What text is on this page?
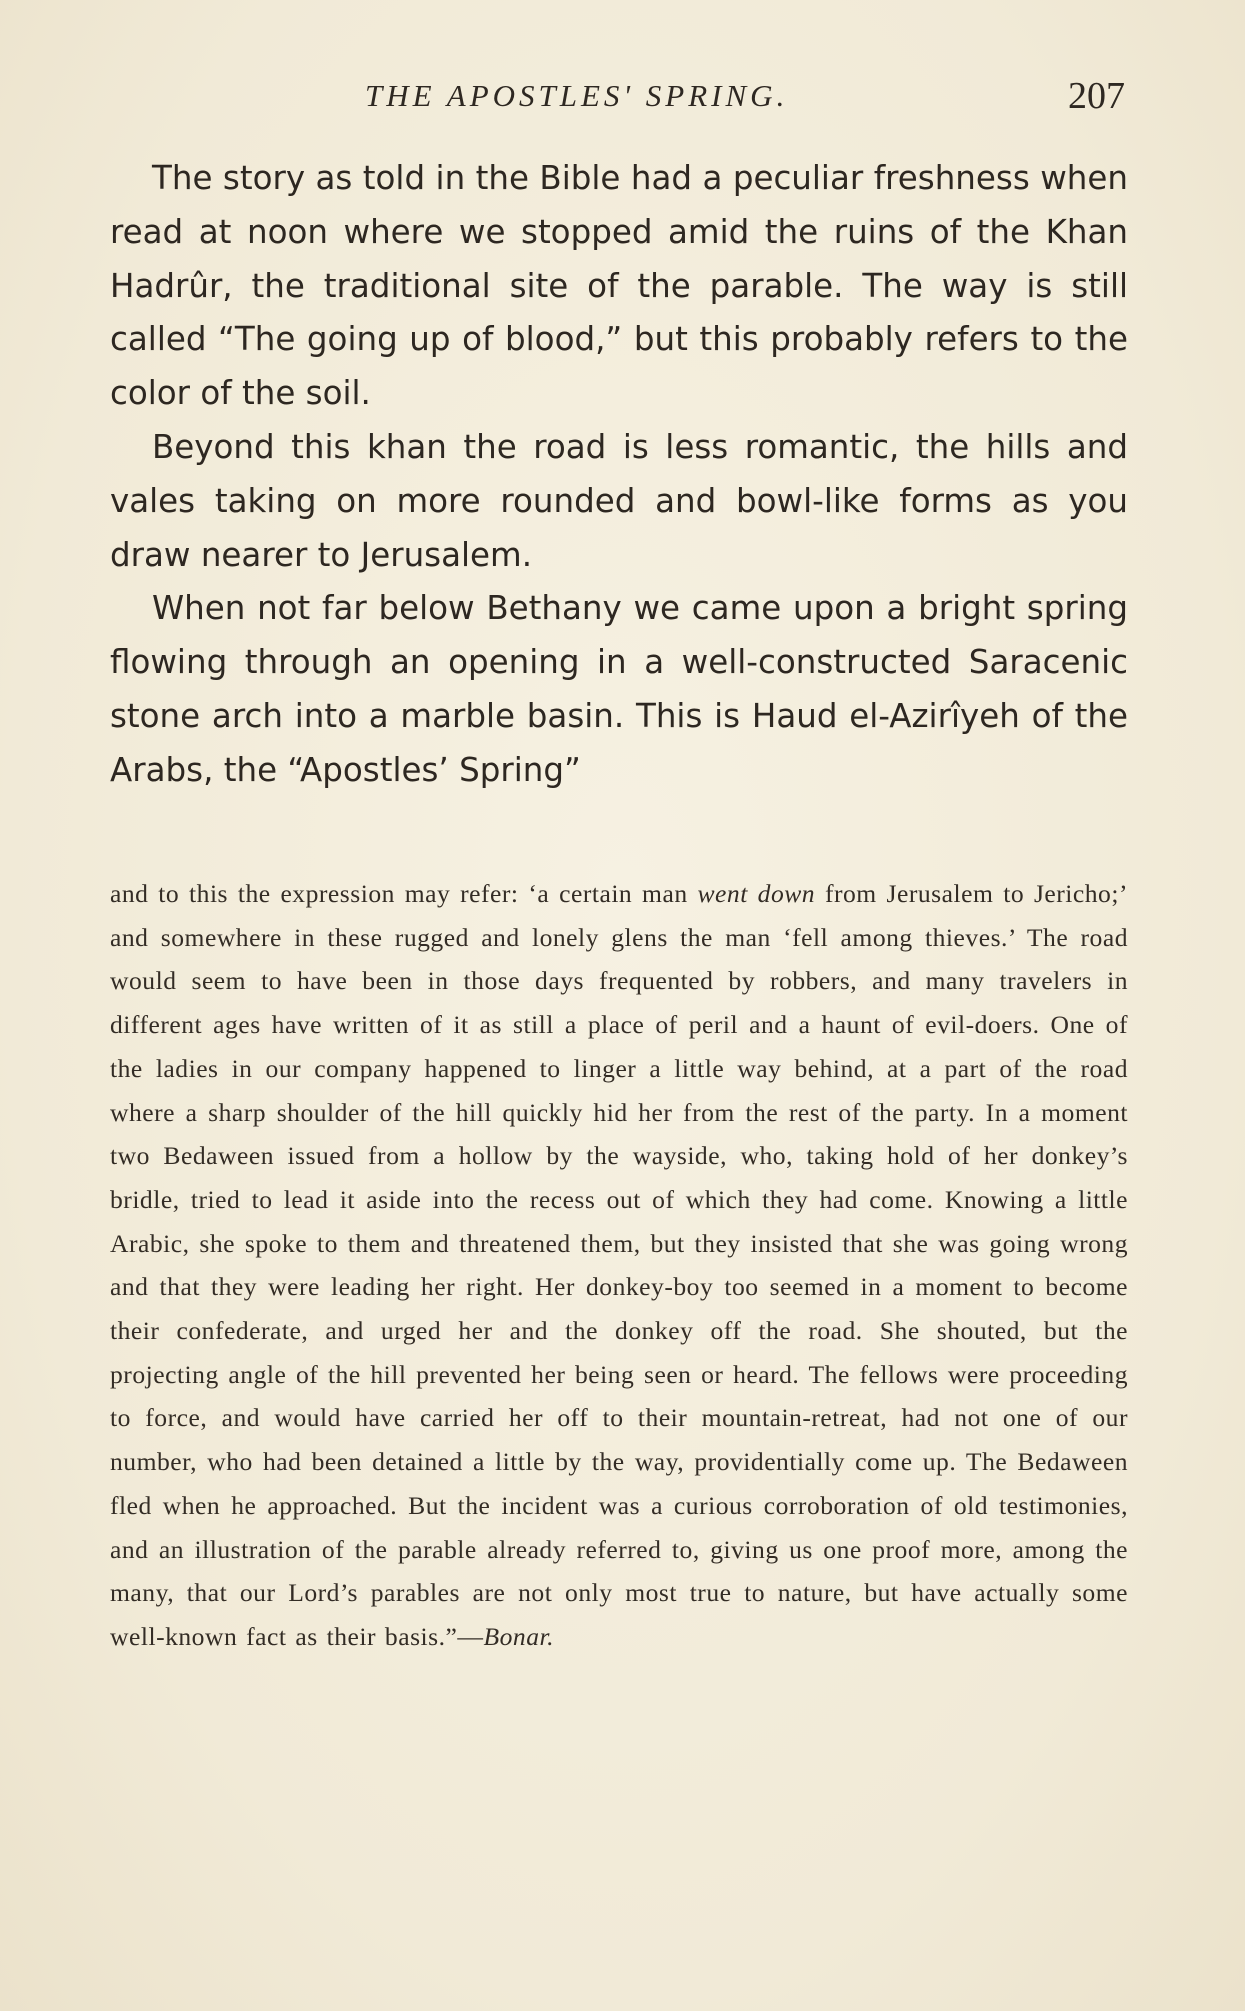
THE APOSTLES' SPRING.	207

The story as told in the Bible had a peculiar freshness when read at noon where we stopped amid the ruins of the Khan Hadrûr, the traditional site of the parable. The way is still called “The going up of blood,” but this probably refers to the color of the soil.

Beyond this khan the road is less romantic, the hills and vales taking on more rounded and bowl-like forms as you draw nearer to Jerusalem.

When not far below Bethany we came upon a bright spring flowing through an opening in a well-constructed Saracenic stone arch into a marble basin. This is Haud el-Azirîyeh of the Arabs, the “Apostles’ Spring”

and to this the expression may refer: ‘a certain man went down from Jerusalem to Jericho;’ and somewhere in these rugged and lonely glens the man ‘fell among thieves.’ The road would seem to have been in those days frequented by robbers, and many travelers in different ages have written of it as still a place of peril and a haunt of evil-doers. One of the ladies in our company happened to linger a little way behind, at a part of the road where a sharp shoulder of the hill quickly hid her from the rest of the party. In a moment two Bedaween issued from a hollow by the wayside, who, taking hold of her donkey’s bridle, tried to lead it aside into the recess out of which they had come. Knowing a little Arabic, she spoke to them and threatened them, but they insisted that she was going wrong and that they were leading her right. Her donkey-boy too seemed in a moment to become their confederate, and urged her and the donkey off the road. She shouted, but the projecting angle of the hill prevented her being seen or heard. The fellows were proceeding to force, and would have carried her off to their mountain-retreat, had not one of our number, who had been detained a little by the way, providentially come up. The Bedaween fled when he approached. But the incident was a curious corroboration of old testimonies, and an illustration of the parable already referred to, giving us one proof more, among the many, that our Lord’s parables are not only most true to nature, but have actually some well-known fact as their basis.”—Bonar.
